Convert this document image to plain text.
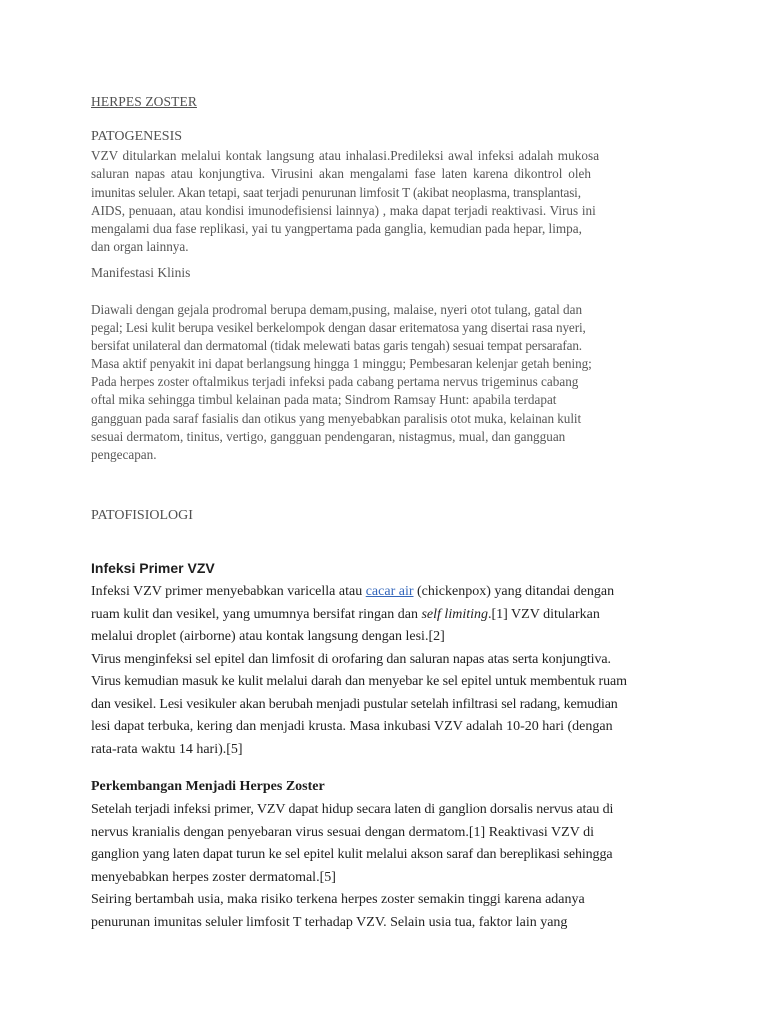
HERPES ZOSTER
PATOGENESIS
VZV ditularkan melalui kontak langsung atau inhalasi.Predileksi awal infeksi adalah mukosa
saluran napas atau konjungtiva. Virusini akan mengalami fase laten karena dikontrol oleh
imunitas seluler. Akan tetapi, saat terjadi penurunan limfosit T (akibat neoplasma, transplantasi,
AIDS, penuaan, atau kondisi imunodefisiensi lainnya) , maka dapat terjadi reaktivasi. Virus ini
mengalami dua fase replikasi, yai tu yangpertama pada ganglia, kemudian pada hepar, limpa,
dan organ lainnya.
Manifestasi Klinis
Diawali dengan gejala prodromal berupa demam,pusing, malaise, nyeri otot tulang, gatal dan
pegal; Lesi kulit berupa vesikel berkelompok dengan dasar eritematosa yang disertai rasa nyeri,
bersifat unilateral dan dermatomal (tidak melewati batas garis tengah) sesuai tempat persarafan.
Masa aktif penyakit ini dapat berlangsung hingga 1 minggu; Pembesaran kelenjar getah bening;
Pada herpes zoster oftalmikus terjadi infeksi pada cabang pertama nervus trigeminus cabang
oftal mika sehingga timbul kelainan pada mata; Sindrom Ramsay Hunt: apabila terdapat
gangguan pada saraf fasialis dan otikus yang menyebabkan paralisis otot muka, kelainan kulit
sesuai dermatom, tinitus, vertigo, gangguan pendengaran, nistagmus, mual, dan gangguan
pengecapan.
PATOFISIOLOGI
Infeksi Primer VZV
Infeksi VZV primer menyebabkan varicella atau cacar air (chickenpox) yang ditandai dengan
ruam kulit dan vesikel, yang umumnya bersifat ringan dan self limiting.[1] VZV ditularkan
melalui droplet (airborne) atau kontak langsung dengan lesi.[2]
Virus menginfeksi sel epitel dan limfosit di orofaring dan saluran napas atas serta konjungtiva.
Virus kemudian masuk ke kulit melalui darah dan menyebar ke sel epitel untuk membentuk ruam
dan vesikel. Lesi vesikuler akan berubah menjadi pustular setelah infiltrasi sel radang, kemudian
lesi dapat terbuka, kering dan menjadi krusta. Masa inkubasi VZV adalah 10-20 hari (dengan
rata-rata waktu 14 hari).[5]
Perkembangan Menjadi Herpes Zoster
Setelah terjadi infeksi primer, VZV dapat hidup secara laten di ganglion dorsalis nervus atau di
nervus kranialis dengan penyebaran virus sesuai dengan dermatom.[1] Reaktivasi VZV di
ganglion yang laten dapat turun ke sel epitel kulit melalui akson saraf dan bereplikasi sehingga
menyebabkan herpes zoster dermatomal.[5]
Seiring bertambah usia, maka risiko terkena herpes zoster semakin tinggi karena adanya
penurunan imunitas seluler limfosit T terhadap VZV. Selain usia tua, faktor lain yang
